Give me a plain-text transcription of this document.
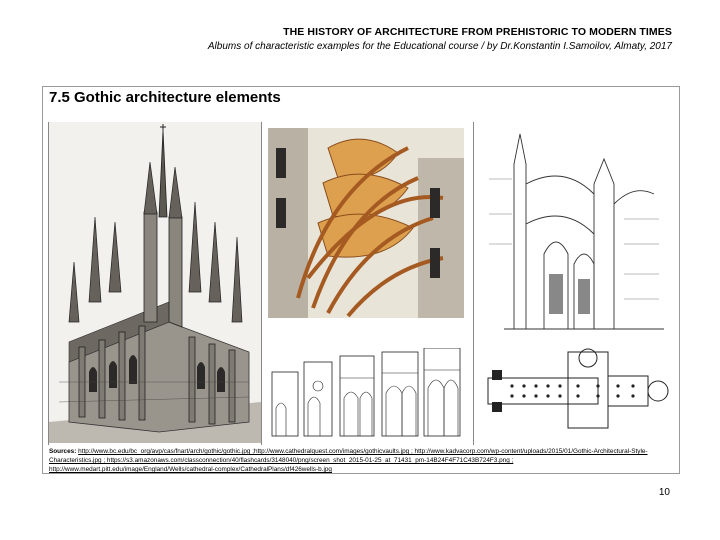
THE HISTORY OF ARCHITECTURE FROM PREHISTORIC TO MODERN TIMES
Albums of characteristic examples for the Educational course / by Dr.Konstantin I.Samoilov, Almaty, 2017
7.5 Gothic architecture elements
Sources: http://www.bc.edu/bc_org/avp/cas/fnart/arch/gothic/gothic.jpg ;http://www.cathedralquest.com/images/gothicvaults.jpg ; http://www.kadvacorp.com/wp-content/uploads/2015/01/Gothic-Architectural-Style-Characteristics.jpg ; https://s3.amazonaws.com/classconnection/40/flashcards/3148040/png/screen_shot_2015-01-25_at_71431_pm-14B24F4F71C43B724F3.png ; http://www.medart.pitt.edu/image/England/Wells/cathedral-complex/CathedralPlans/df426wells-b.jpg
10
